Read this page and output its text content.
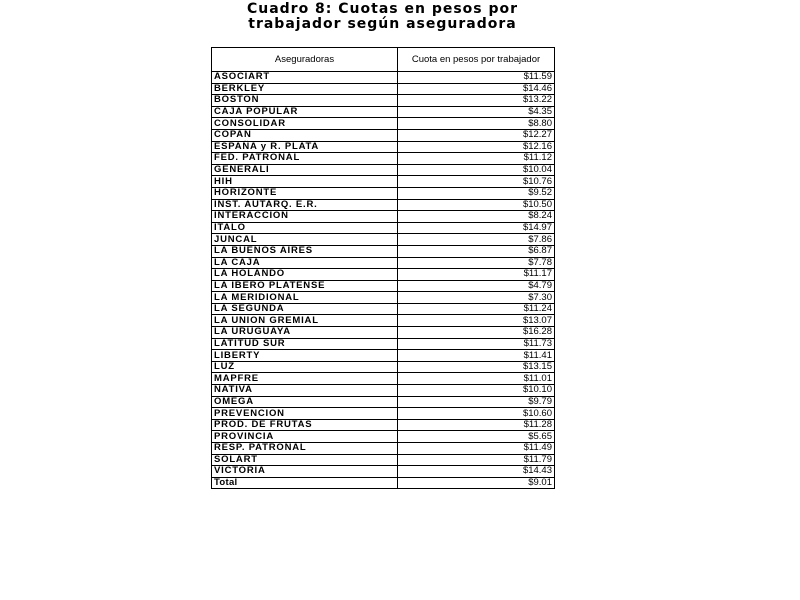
Cuadro 8: Cuotas en pesos por
trabajador según aseguradora
Aseguradoras	Cuota en pesos por trabajador
ASOCIART	$11.59
BERKLEY	$14.46
BOSTON	$13.22
CAJA POPULAR	$4.35
CONSOLIDAR	$8.80
COPAN	$12.27
ESPAÑA y R. PLATA	$12.16
FED. PATRONAL	$11.12
GENERALI	$10.04
HIH	$10.76
HORIZONTE	$9.52
INST. AUTARQ. E.R.	$10.50
INTERACCION	$8.24
ITALO	$14.97
JUNCAL	$7.86
LA BUENOS AIRES	$6.87
LA CAJA	$7.78
LA HOLANDO	$11.17
LA IBERO PLATENSE	$4.79
LA MERIDIONAL	$7.30
LA SEGUNDA	$11.24
LA UNION GREMIAL	$13.07
LA URUGUAYA	$16.28
LATITUD SUR	$11.73
LIBERTY	$11.41
LUZ	$13.15
MAPFRE	$11.01
NATIVA	$10.10
OMEGA	$9.79
PREVENCION	$10.60
PROD. DE FRUTAS	$11.28
PROVINCIA	$5.65
RESP. PATRONAL	$11.49
SOLART	$11.79
VICTORIA	$14.43
Total	$9.01
